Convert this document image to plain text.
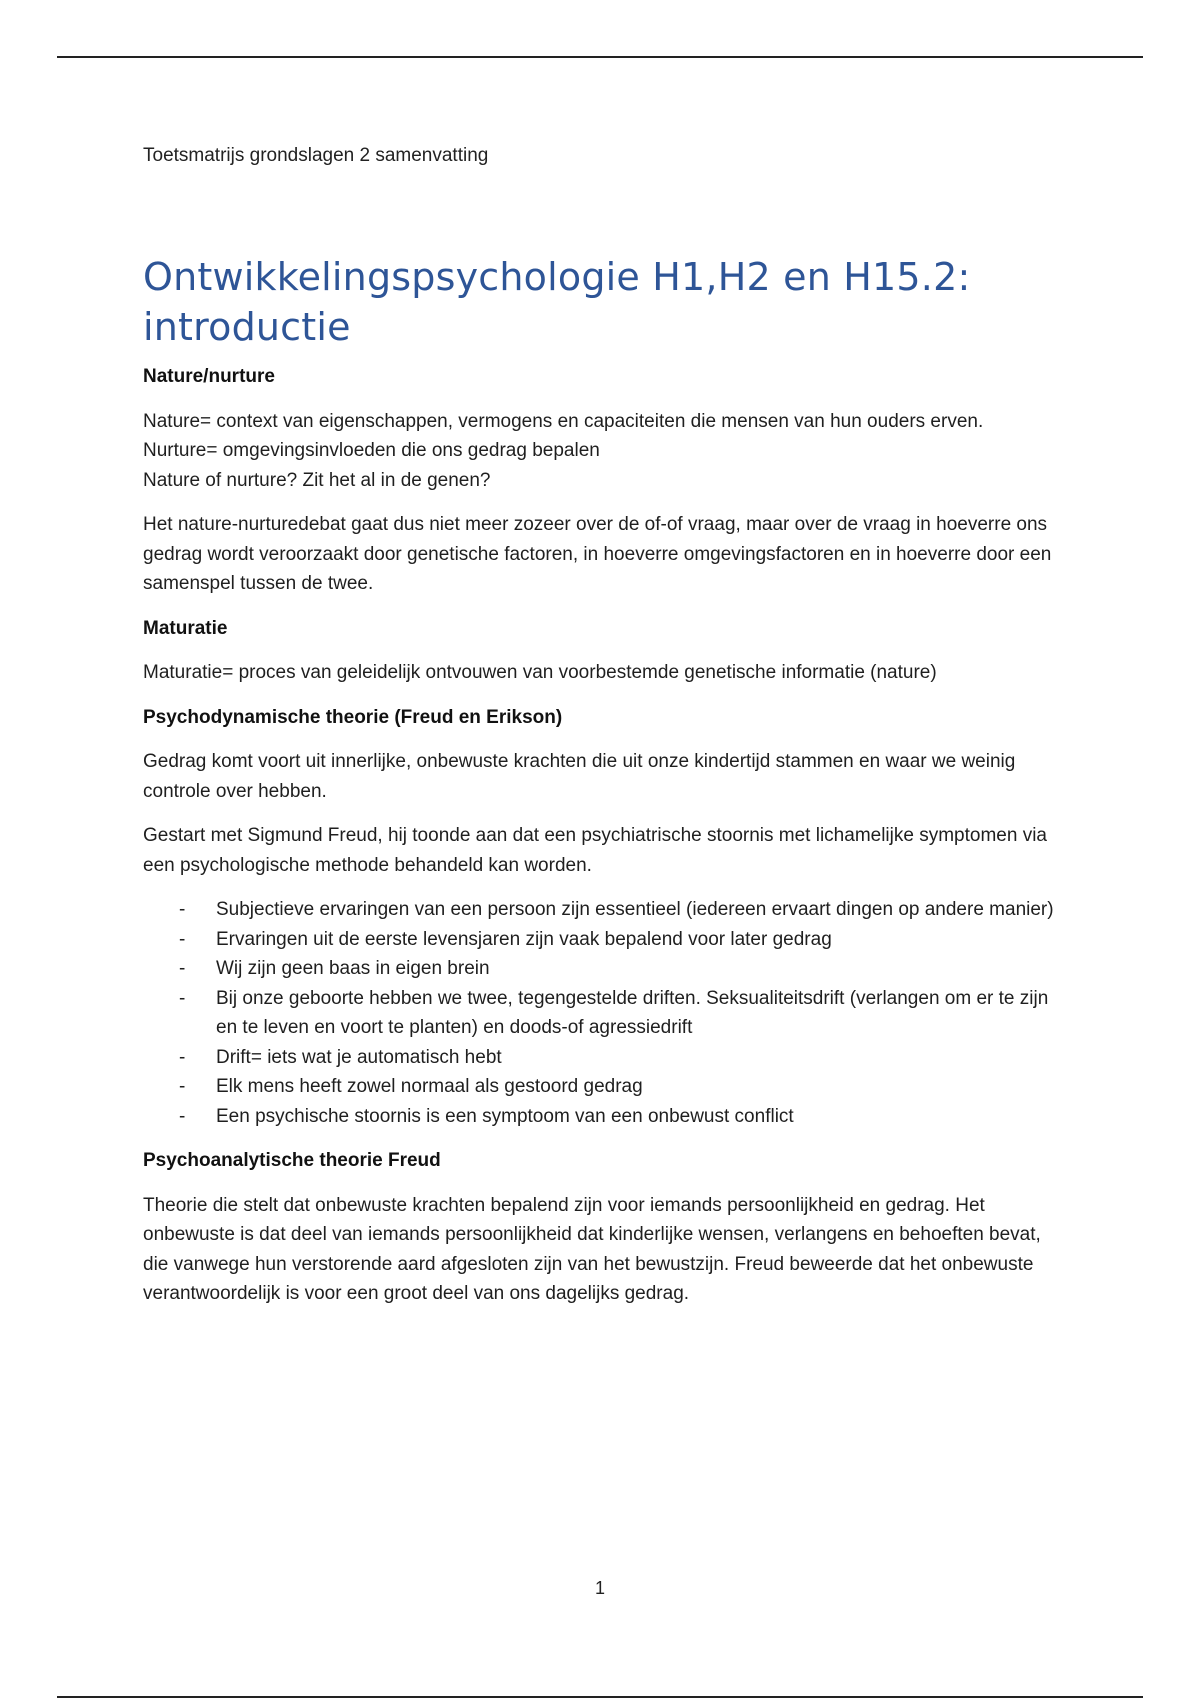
Toetsmatrijs grondslagen 2 samenvatting
Ontwikkelingspsychologie H1,H2 en H15.2: introductie
Nature/nurture
Nature= context van eigenschappen, vermogens en capaciteiten die mensen van hun ouders erven.
Nurture= omgevingsinvloeden die ons gedrag bepalen
Nature of nurture? Zit het al in de genen?
Het nature-nurturedebat gaat dus niet meer zozeer over de of-of vraag, maar over de vraag in hoeverre ons gedrag wordt veroorzaakt door genetische factoren, in hoeverre omgevingsfactoren en in hoeverre door een samenspel tussen de twee.
Maturatie
Maturatie= proces van geleidelijk ontvouwen van voorbestemde genetische informatie (nature)
Psychodynamische theorie (Freud en Erikson)
Gedrag komt voort uit innerlijke, onbewuste krachten die uit onze kindertijd stammen en waar we weinig controle over hebben.
Gestart met Sigmund Freud, hij toonde aan dat een psychiatrische stoornis met lichamelijke symptomen via een psychologische methode behandeld kan worden.
- Subjectieve ervaringen van een persoon zijn essentieel (iedereen ervaart dingen op andere manier)
- Ervaringen uit de eerste levensjaren zijn vaak bepalend voor later gedrag
- Wij zijn geen baas in eigen brein
- Bij onze geboorte hebben we twee, tegengestelde driften. Seksualiteitsdrift (verlangen om er te zijn en te leven en voort te planten) en doods-of agressiedrift
- Drift= iets wat je automatisch hebt
- Elk mens heeft zowel normaal als gestoord gedrag
- Een psychische stoornis is een symptoom van een onbewust conflict
Psychoanalytische theorie Freud
Theorie die stelt dat onbewuste krachten bepalend zijn voor iemands persoonlijkheid en gedrag. Het onbewuste is dat deel van iemands persoonlijkheid dat kinderlijke wensen, verlangens en behoeften bevat, die vanwege hun verstorende aard afgesloten zijn van het bewustzijn. Freud beweerde dat het onbewuste verantwoordelijk is voor een groot deel van ons dagelijks gedrag.
1
